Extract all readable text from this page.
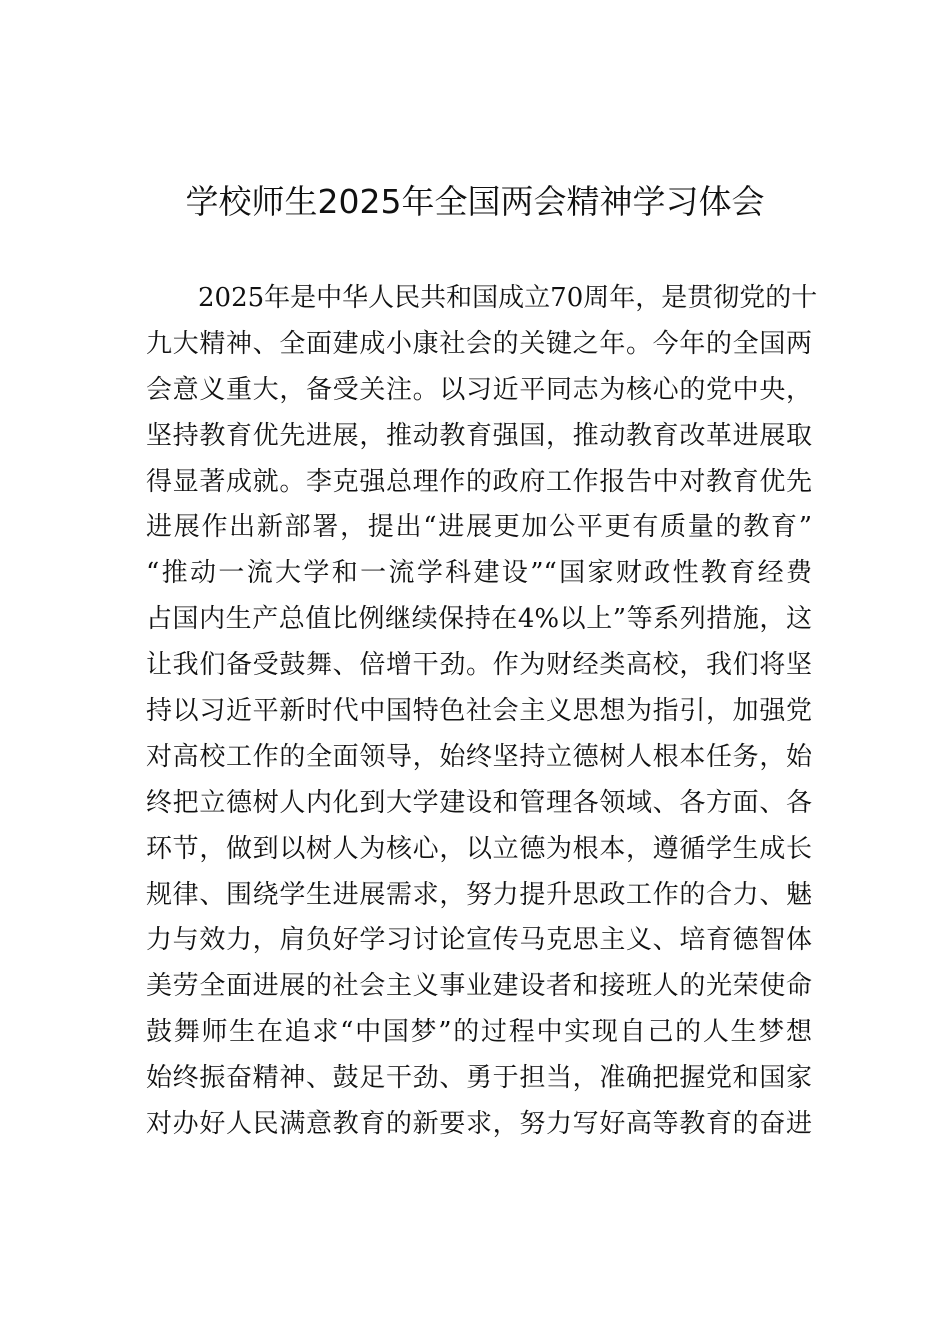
学校师生2025年全国两会精神学习体会
2025年是中华人民共和国成立70周年，是贯彻党的十
九大精神、全面建成小康社会的关键之年。今年的全国两
会意义重大，备受关注。以习近平同志为核心的党中央，
坚持教育优先进展，推动教育强国，推动教育改革进展取
得显著成就。李克强总理作的政府工作报告中对教育优先
进展作出新部署，提出“进展更加公平更有质量的教育”
“推动一流大学和一流学科建设”“国家财政性教育经费
占国内生产总值比例继续保持在4%以上”等系列措施，这
让我们备受鼓舞、倍增干劲。作为财经类高校，我们将坚
持以习近平新时代中国特色社会主义思想为指引，加强党
对高校工作的全面领导，始终坚持立德树人根本任务，始
终把立德树人内化到大学建设和管理各领域、各方面、各
环节，做到以树人为核心，以立德为根本，遵循学生成长
规律、围绕学生进展需求，努力提升思政工作的合力、魅
力与效力，肩负好学习讨论宣传马克思主义、培育德智体
美劳全面进展的社会主义事业建设者和接班人的光荣使命
鼓舞师生在追求“中国梦”的过程中实现自己的人生梦想
始终振奋精神、鼓足干劲、勇于担当，准确把握党和国家
对办好人民满意教育的新要求，努力写好高等教育的奋进
